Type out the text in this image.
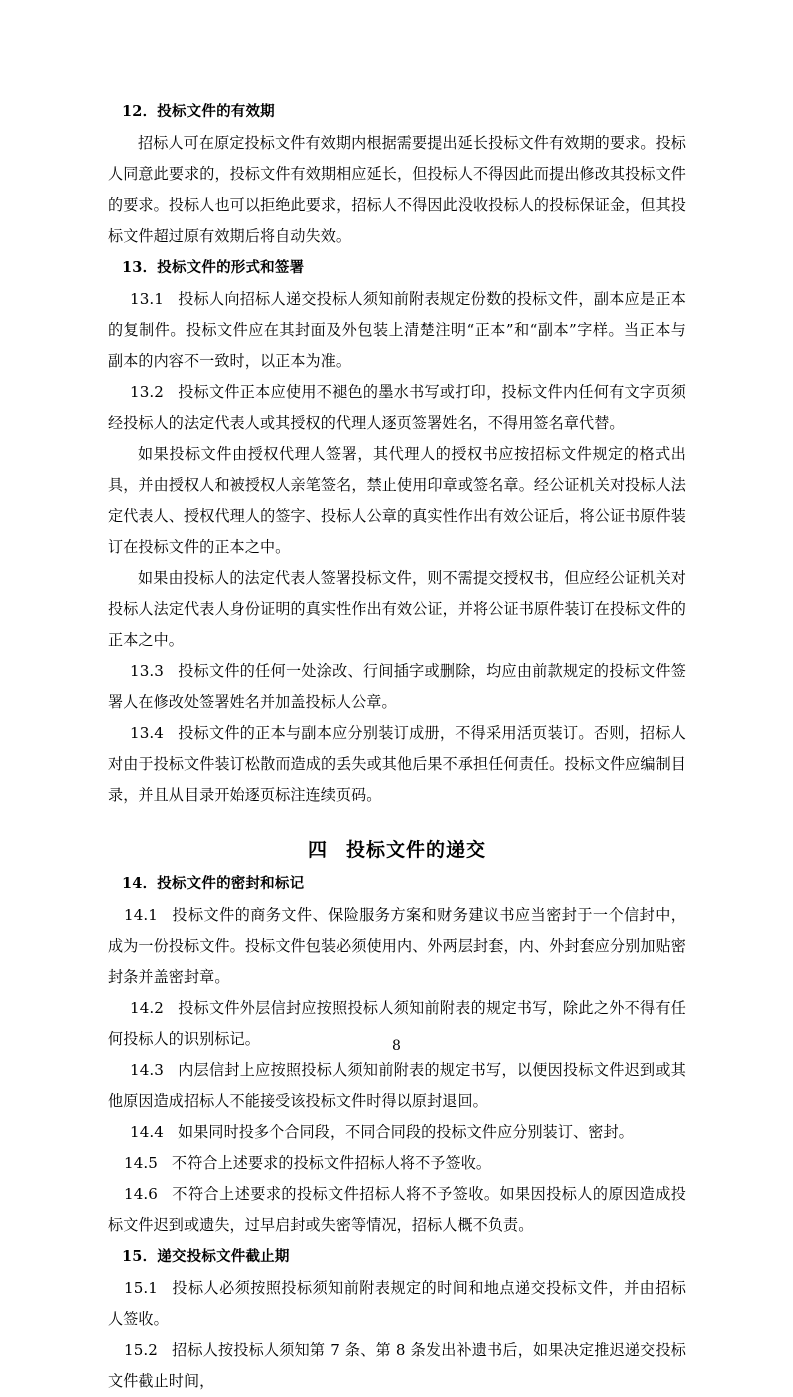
12．投标文件的有效期

招标人可在原定投标文件有效期内根据需要提出延长投标文件有效期的要求。投标人同意此要求的，投标文件有效期相应延长，但投标人不得因此而提出修改其投标文件的要求。投标人也可以拒绝此要求，招标人不得因此没收投标人的投标保证金，但其投标文件超过原有效期后将自动失效。

13．投标文件的形式和签署

13.1 投标人向招标人递交投标人须知前附表规定份数的投标文件，副本应是正本的复制件。投标文件应在其封面及外包装上清楚注明“正本”和“副本”字样。当正本与副本的内容不一致时，以正本为准。

13.2 投标文件正本应使用不褪色的墨水书写或打印，投标文件内任何有文字页须经投标人的法定代表人或其授权的代理人逐页签署姓名，不得用签名章代替。

如果投标文件由授权代理人签署，其代理人的授权书应按招标文件规定的格式出具，并由授权人和被授权人亲笔签名，禁止使用印章或签名章。经公证机关对投标人法定代表人、授权代理人的签字、投标人公章的真实性作出有效公证后，将公证书原件装订在投标文件的正本之中。

如果由投标人的法定代表人签署投标文件，则不需提交授权书，但应经公证机关对投标人法定代表人身份证明的真实性作出有效公证，并将公证书原件装订在投标文件的正本之中。

13.3 投标文件的任何一处涂改、行间插字或删除，均应由前款规定的投标文件签署人在修改处签署姓名并加盖投标人公章。

13.4 投标文件的正本与副本应分别装订成册，不得采用活页装订。否则，招标人对由于投标文件装订松散而造成的丢失或其他后果不承担任何责任。投标文件应编制目录，并且从目录开始逐页标注连续页码。

四 投标文件的递交

14．投标文件的密封和标记

14.1 投标文件的商务文件、保险服务方案和财务建议书应当密封于一个信封中，成为一份投标文件。投标文件包装必须使用内、外两层封套，内、外封套应分别加贴密封条并盖密封章。

14.2 投标文件外层信封应按照投标人须知前附表的规定书写，除此之外不得有任何投标人的识别标记。

14.3 内层信封上应按照投标人须知前附表的规定书写，以便因投标文件迟到或其他原因造成招标人不能接受该投标文件时得以原封退回。

14.4 如果同时投多个合同段，不同合同段的投标文件应分别装订、密封。

14.5 不符合上述要求的投标文件招标人将不予签收。

14.6 不符合上述要求的投标文件招标人将不予签收。如果因投标人的原因造成投标文件迟到或遗失，过早启封或失密等情况，招标人概不负责。

15．递交投标文件截止期

15.1 投标人必须按照投标须知前附表规定的时间和地点递交投标文件，并由招标人签收。

15.2 招标人按投标人须知第 7 条、第 8 条发出补遗书后，如果决定推迟递交投标文件截止时间，

8
